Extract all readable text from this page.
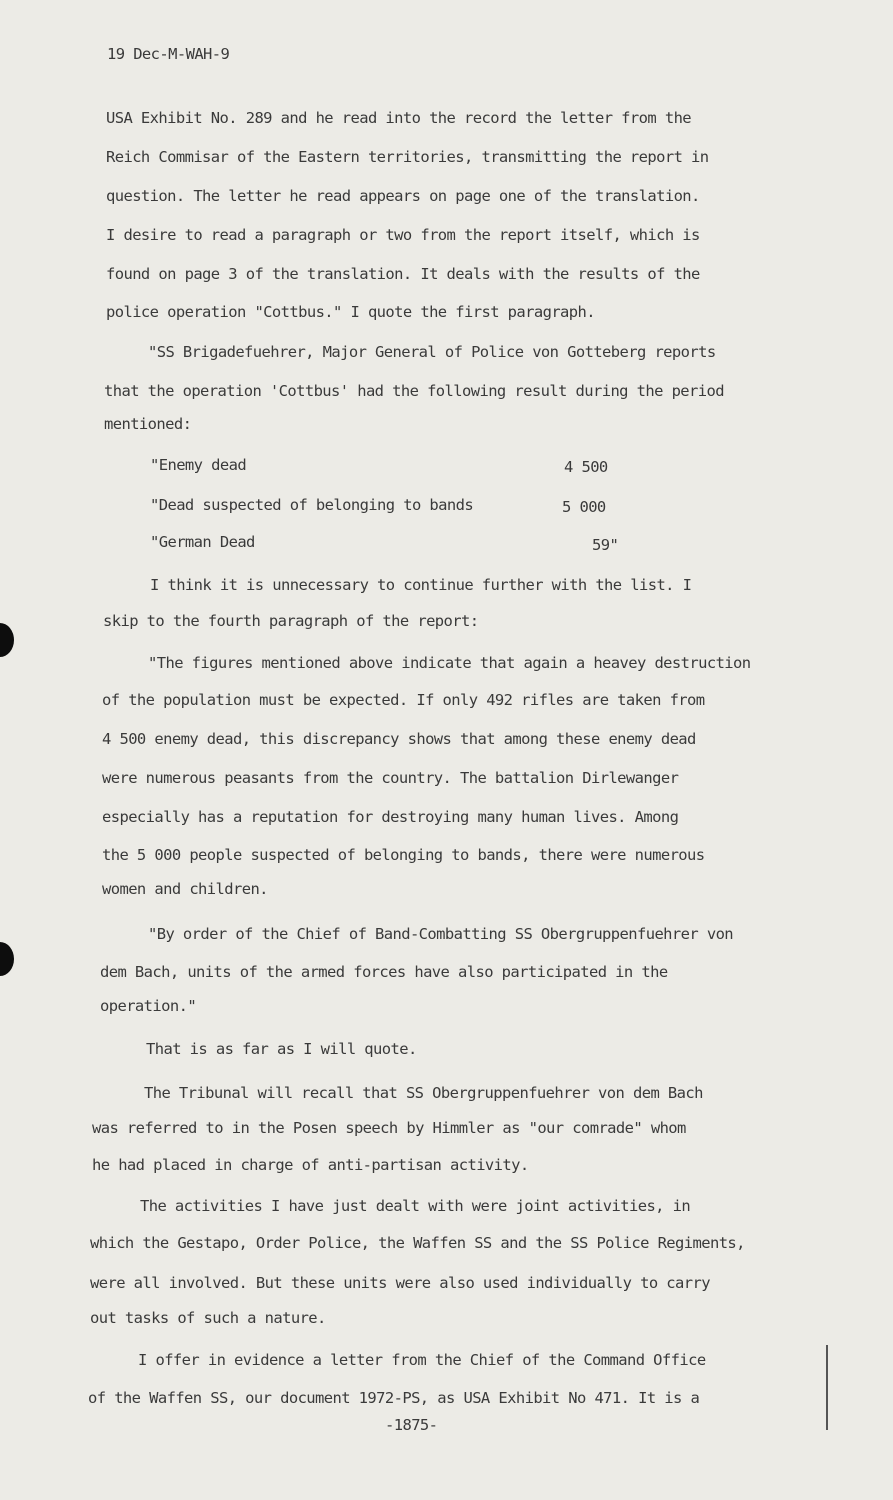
19 Dec-M-WAH-9
USA Exhibit No. 289 and he read into the record the letter from the
Reich Commisar of the Eastern territories, transmitting the report in
question. The letter he read appears on page one of the translation.
I desire to read a paragraph or two from the report itself, which is
found on page 3 of the translation. It deals with the results of the
police operation "Cottbus." I quote the first paragraph.
"SS Brigadefuehrer, Major General of Police von Gotteberg reports
that the operation 'Cottbus' had the following result during the period
mentioned:
"Enemy dead	4 500
"Dead suspected of belonging to bands	5 000
"German Dead	59"
I think it is unnecessary to continue further with the list. I
skip to the fourth paragraph of the report:
"The figures mentioned above indicate that again a heavey destruction
of the population must be expected. If only 492 rifles are taken from
4 500 enemy dead, this discrepancy shows that among these enemy dead
were numerous peasants from the country. The battalion Dirlewanger
especially has a reputation for destroying many human lives. Among
the 5 000 people suspected of belonging to bands, there were numerous
women and children.
"By order of the Chief of Band-Combatting SS Obergruppenfuehrer von
dem Bach, units of the armed forces have also participated in the
operation."
That is as far as I will quote.
The Tribunal will recall that SS Obergruppenfuehrer von dem Bach
was referred to in the Posen speech by Himmler as "our comrade" whom
he had placed in charge of anti-partisan activity.
The activities I have just dealt with were joint activities, in
which the Gestapo, Order Police, the Waffen SS and the SS Police Regiments,
were all involved. But these units were also used individually to carry
out tasks of such a nature.
I offer in evidence a letter from the Chief of the Command Office
of the Waffen SS, our document 1972-PS, as USA Exhibit No 471. It is a
-1875-
